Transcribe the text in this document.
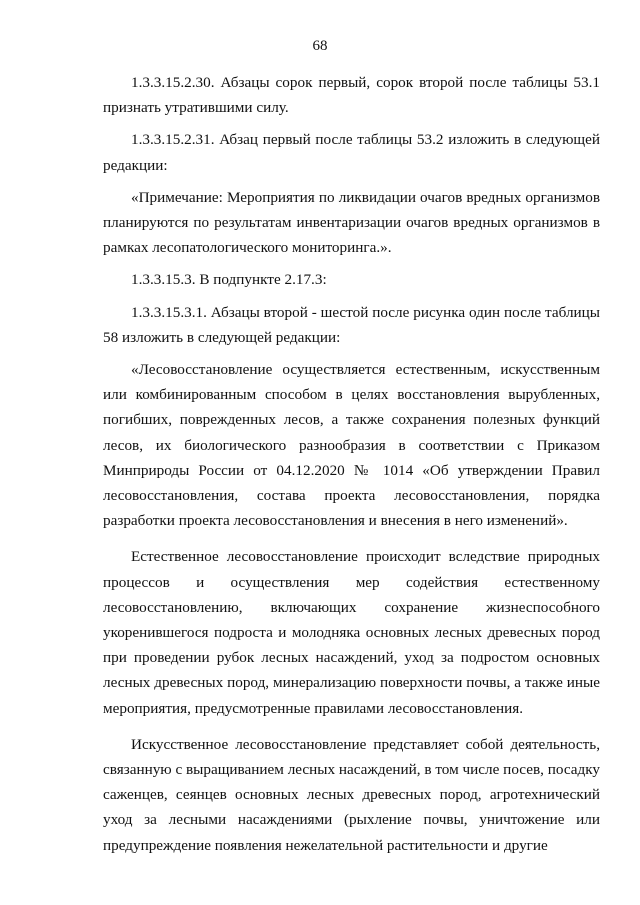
68

1.3.3.15.2.30. Абзацы сорок первый, сорок второй после таблицы 53.1 признать утратившими силу.

1.3.3.15.2.31. Абзац первый после таблицы 53.2 изложить в следующей редакции:

«Примечание: Мероприятия по ликвидации очагов вредных организмов планируются по результатам инвентаризации очагов вредных организмов в рамках лесопатологического мониторинга.».

1.3.3.15.3. В подпункте 2.17.3:

1.3.3.15.3.1. Абзацы второй - шестой после рисунка один после таблицы 58 изложить в следующей редакции:

«Лесовосстановление осуществляется естественным, искусственным или комбинированным способом в целях восстановления вырубленных, погибших, поврежденных лесов, а также сохранения полезных функций лесов, их биологического разнообразия в соответствии с Приказом Минприроды России от 04.12.2020 № 1014 «Об утверждении Правил лесовосстановления, состава проекта лесовосстановления, порядка разработки проекта лесовосстановления и внесения в него изменений».

Естественное лесовосстановление происходит вследствие природных процессов и осуществления мер содействия естественному лесовосстановлению, включающих сохранение жизнеспособного укоренившегося подроста и молодняка основных лесных древесных пород при проведении рубок лесных насаждений, уход за подростом основных лесных древесных пород, минерализацию поверхности почвы, а также иные мероприятия, предусмотренные правилами лесовосстановления.

Искусственное лесовосстановление представляет собой деятельность, связанную с выращиванием лесных насаждений, в том числе посев, посадку саженцев, сеянцев основных лесных древесных пород, агротехнический уход за лесными насаждениями (рыхление почвы, уничтожение или предупреждение появления нежелательной растительности и другие
